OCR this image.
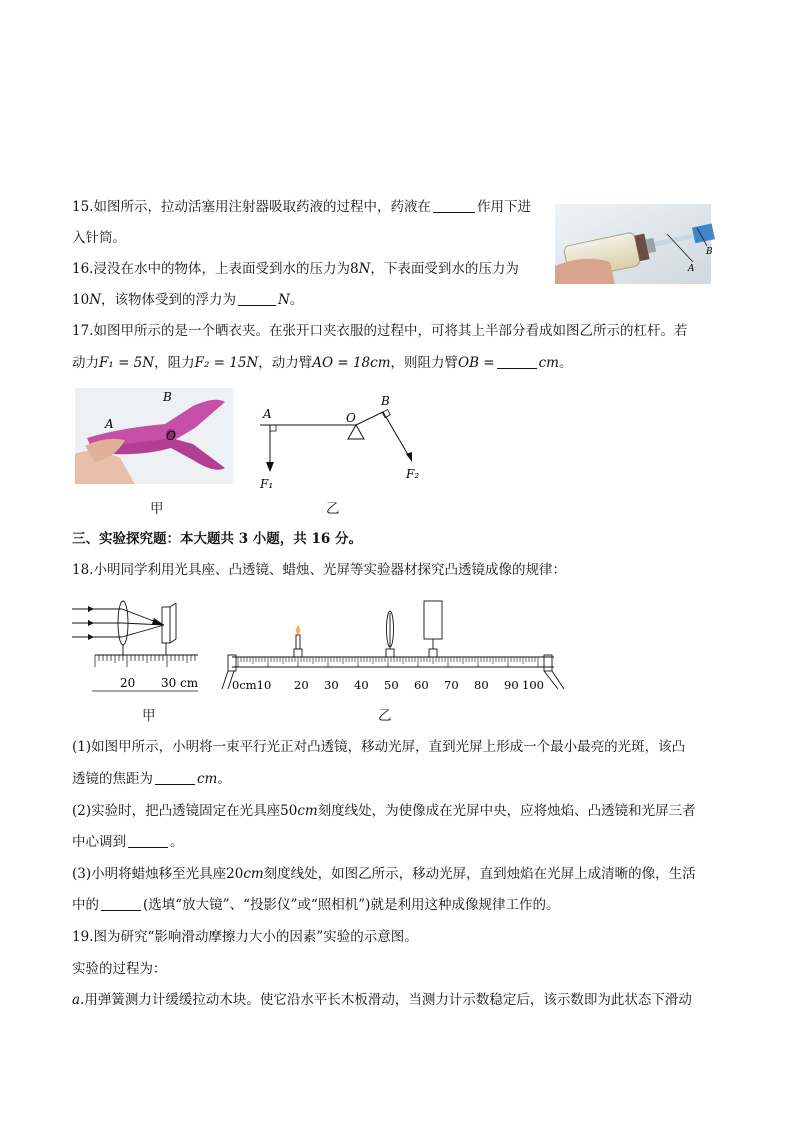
15.如图所示，拉动活塞用注射器吸取药液的过程中，药液在	作用下进
入针筒。
A
B
16.浸没在水中的物体，上表面受到水的压力为8N，下表面受到水的压力为
10N，该物体受到的浮力为	N。
17.如图甲所示的是一个晒衣夹。在张开口夹衣服的过程中，可将其上半部分看成如图乙所示的杠杆。若
动力F₁ = 5N，阻力F₂ = 15N，动力臂AO = 18cm，则阻力臂OB =	cm。
A
B
O
A	O
B
F₁
F₂
甲	乙
三、实验探究题：本大题共 3 小题，共 16 分。
18.小明同学利用光具座、凸透镜、蜡烛、光屏等实验器材探究凸透镜成像的规律：
20 30 cm	0cm10 20 30 40 50 60 70 80 90 100
甲	乙
(1)如图甲所示，小明将一束平行光正对凸透镜，移动光屏，直到光屏上形成一个最小最亮的光斑，该凸
透镜的焦距为	cm。
(2)实验时，把凸透镜固定在光具座50cm刻度线处，为使像成在光屏中央，应将烛焰、凸透镜和光屏三者
中心调到	。
(3)小明将蜡烛移至光具座20cm刻度线处，如图乙所示，移动光屏，直到烛焰在光屏上成清晰的像，生活
中的	(选填“放大镜”、“投影仪”或“照相机”)就是利用这种成像规律工作的。
19.图为研究“影响滑动摩擦力大小的因素”实验的示意图。
实验的过程为：
a.用弹簧测力计缓缓拉动木块。使它沿水平长木板滑动，当测力计示数稳定后，该示数即为此状态下滑动
